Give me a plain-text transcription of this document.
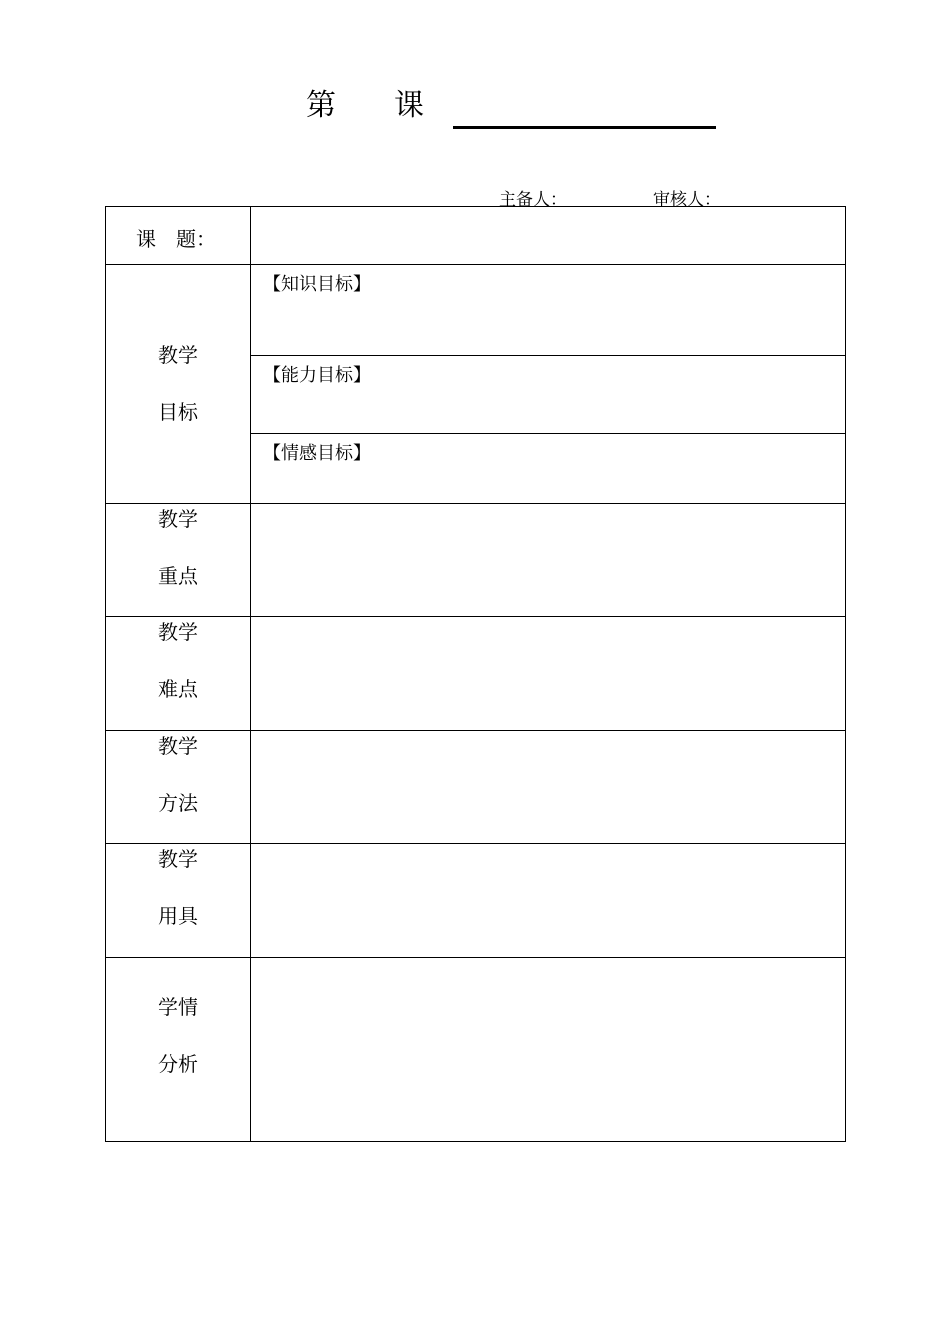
第 课
主备人：	审核人：
课　题：
教学
目标
【知识目标】
【能力目标】
【情感目标】
教学
重点
教学
难点
教学
方法
教学
用具
学情
分析
